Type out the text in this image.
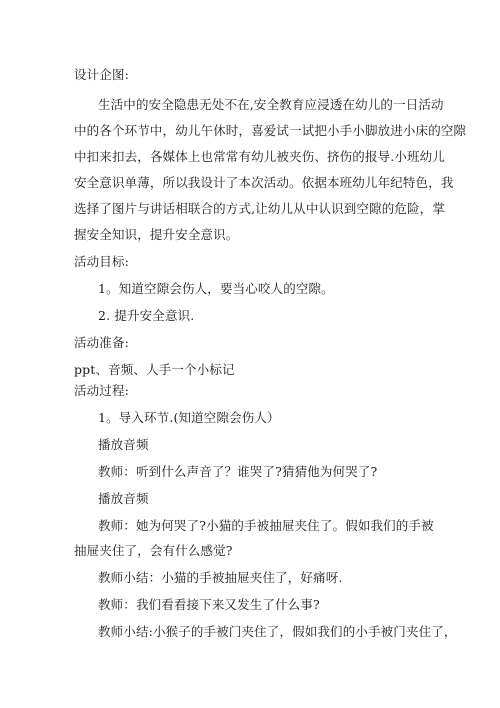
设计企图:
生活中的安全隐患无处不在,安全教育应浸透在幼儿的一日活动
中的各个环节中，幼儿午休时，喜爱试一试把小手小脚放进小床的空隙
中扣来扣去，各媒体上也常常有幼儿被夹伤、挤伤的报导.小班幼儿
安全意识单薄，所以我设计了本次活动。依据本班幼儿年纪特色，我
选择了图片与讲话相联合的方式,让幼儿从中认识到空隙的危险，掌
握安全知识，提升安全意识。
活动目标:
1。知道空隙会伤人，要当心咬人的空隙。
2. 提升安全意识.
活动准备:
ppt、音频、人手一个小标记
活动过程:
1。导入环节.(知道空隙会伤人）
播放音频
教师：听到什么声音了？谁哭了?猜猜他为何哭了?
播放音频
教师：她为何哭了?小猫的手被抽屉夹住了。假如我们的手被
抽屉夹住了，会有什么感觉?
教师小结：小猫的手被抽屉夹住了，好痛呀.
教师：我们看看接下来又发生了什么事?
教师小结:小猴子的手被门夹住了，假如我们的小手被门夹住了，
